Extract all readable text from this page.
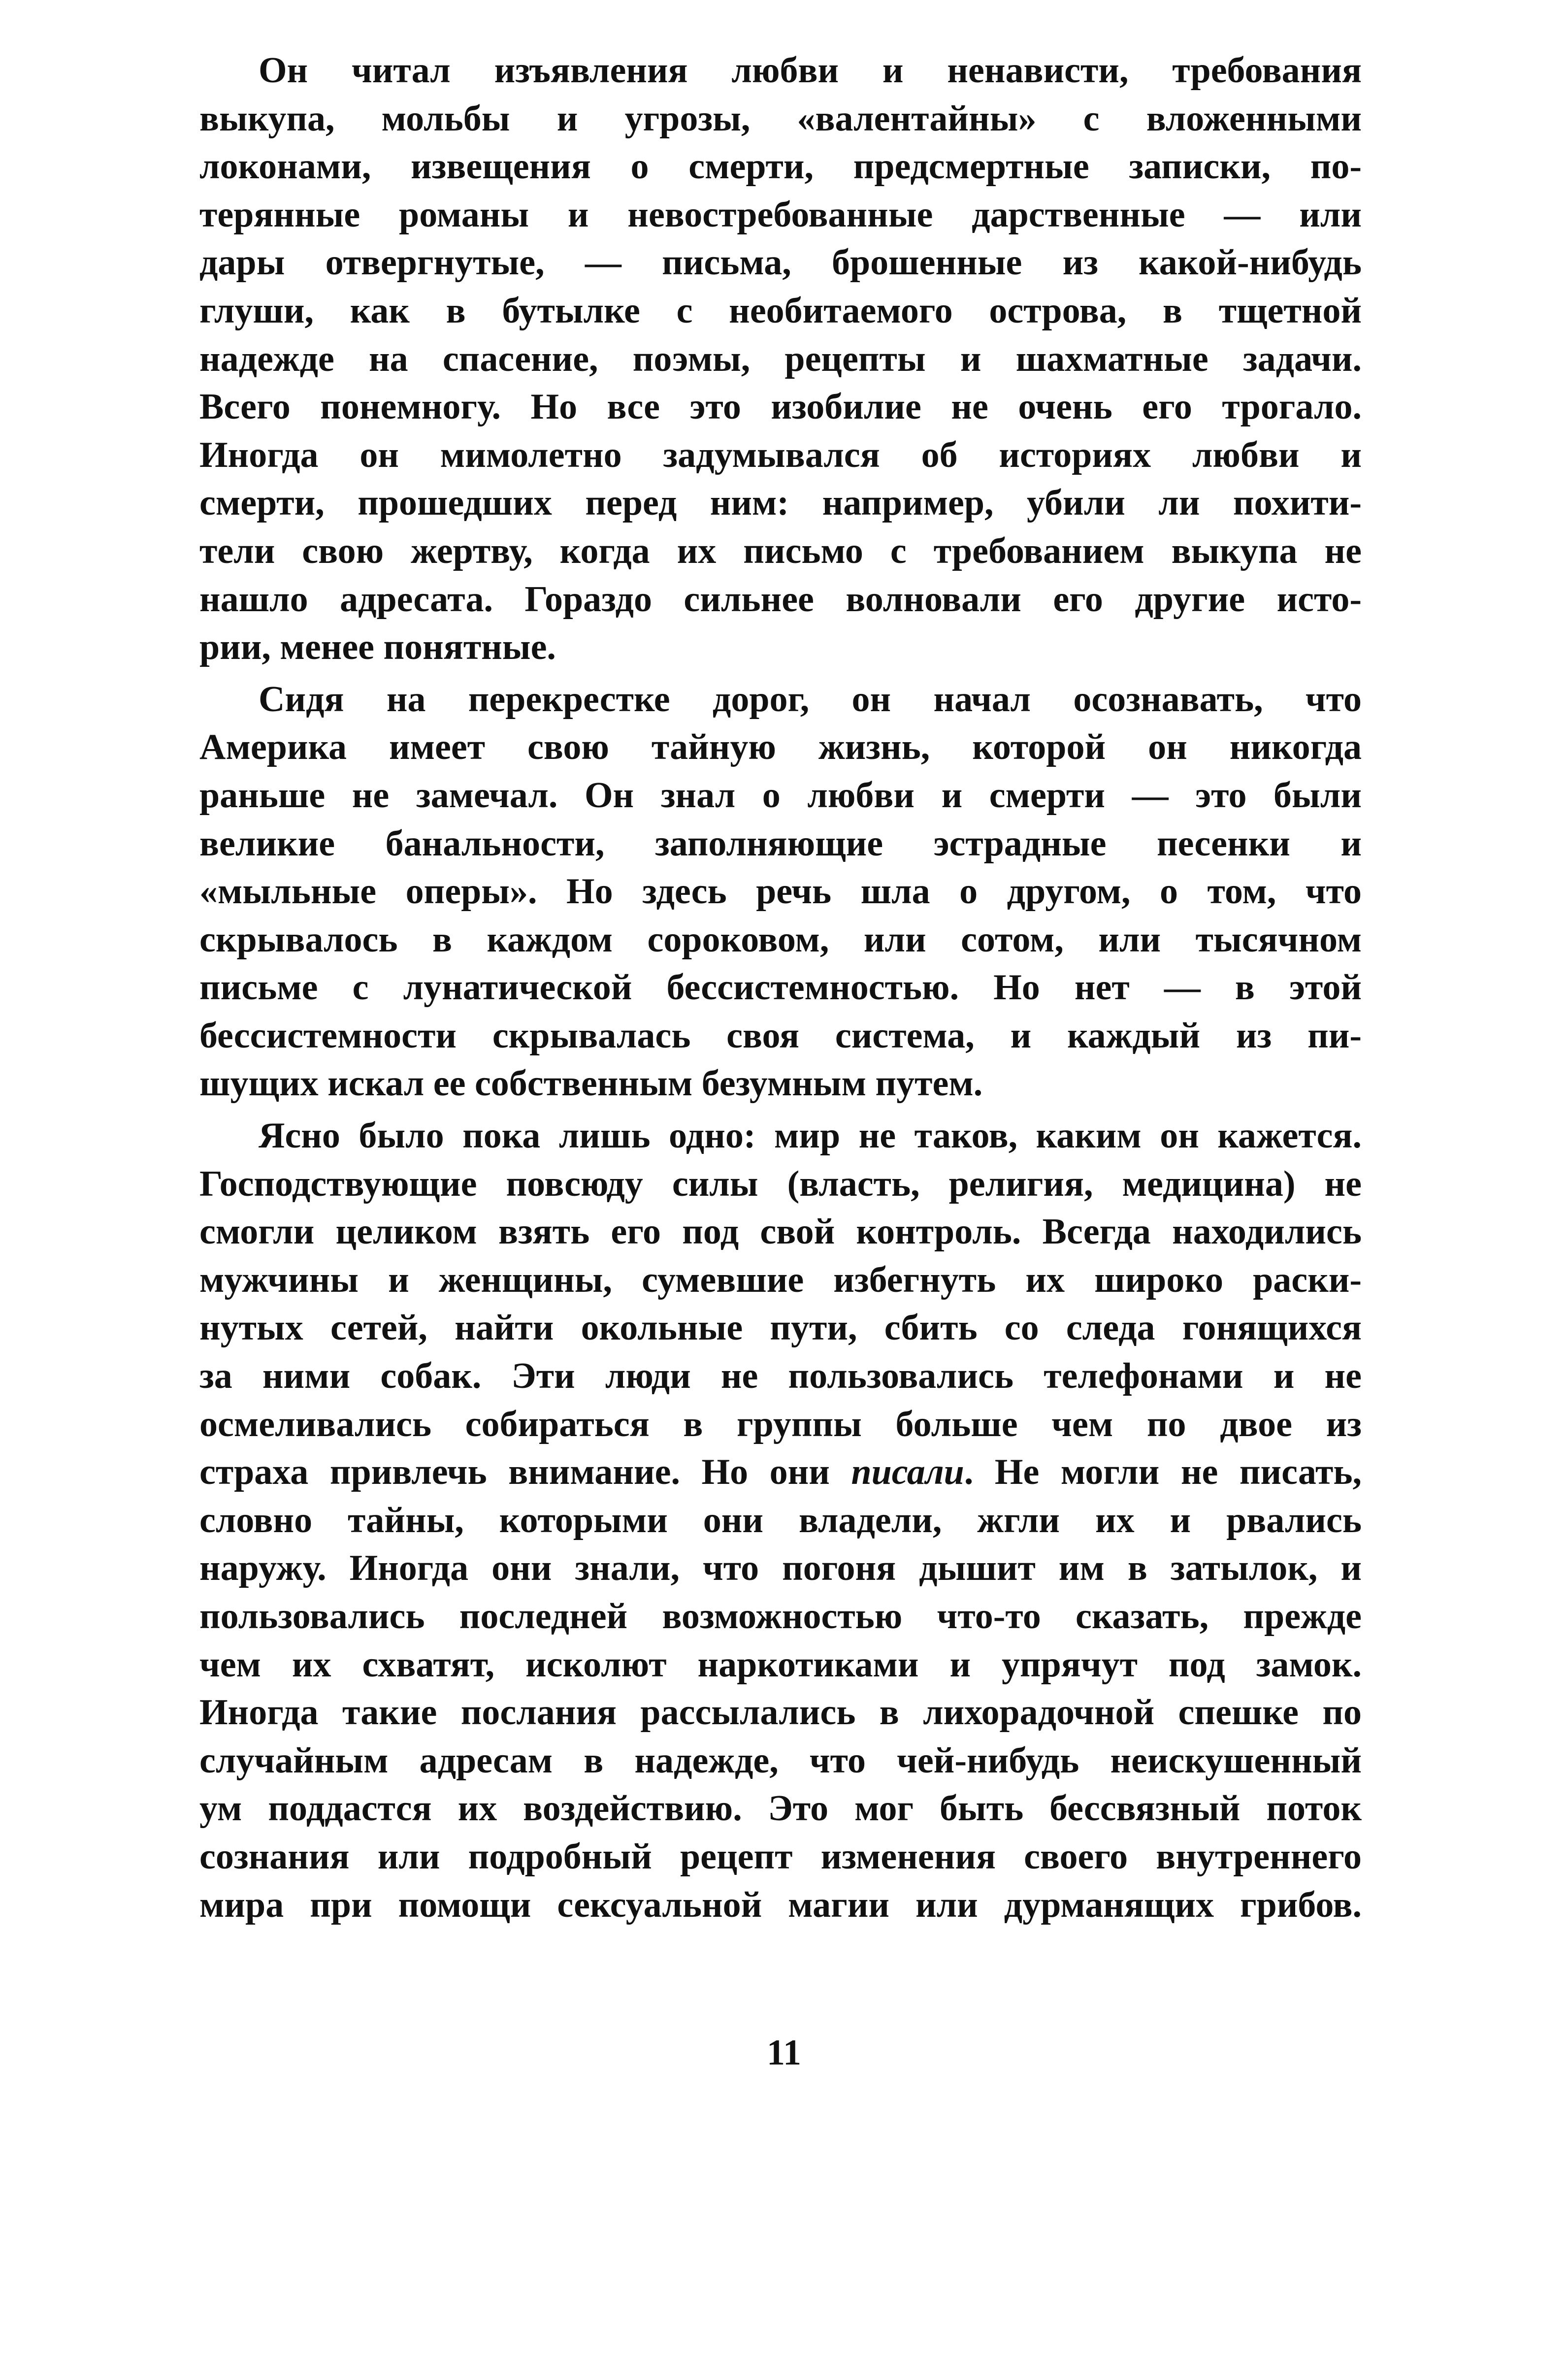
Он читал изъявления любви и ненависти, требования
выкупа, мольбы и угрозы, «валентайны» с вложенными
локонами, извещения о смерти, предсмертные записки, по-
терянные романы и невостребованные дарственные — или
дары отвергнутые, — письма, брошенные из какой-нибудь
глуши, как в бутылке с необитаемого острова, в тщетной
надежде на спасение, поэмы, рецепты и шахматные задачи.
Всего понемногу. Но все это изобилие не очень его трогало.
Иногда он мимолетно задумывался об историях любви и
смерти, прошедших перед ним: например, убили ли похити-
тели свою жертву, когда их письмо с требованием выкупа не
нашло адресата. Гораздо сильнее волновали его другие исто-
рии, менее понятные.
Сидя на перекрестке дорог, он начал осознавать, что
Америка имеет свою тайную жизнь, которой он никогда
раньше не замечал. Он знал о любви и смерти — это были
великие банальности, заполняющие эстрадные песенки и
«мыльные оперы». Но здесь речь шла о другом, о том, что
скрывалось в каждом сороковом, или сотом, или тысячном
письме с лунатической бессистемностью. Но нет — в этой
бессистемности скрывалась своя система, и каждый из пи-
шущих искал ее собственным безумным путем.
Ясно было пока лишь одно: мир не таков, каким он кажется.
Господствующие повсюду силы (власть, религия, медицина) не
смогли целиком взять его под свой контроль. Всегда находились
мужчины и женщины, сумевшие избегнуть их широко раски-
нутых сетей, найти окольные пути, сбить со следа гонящихся
за ними собак. Эти люди не пользовались телефонами и не
осмеливались собираться в группы больше чем по двое из
страха привлечь внимание. Но они писали. Не могли не писать,
словно тайны, которыми они владели, жгли их и рвались
наружу. Иногда они знали, что погоня дышит им в затылок, и
пользовались последней возможностью что-то сказать, прежде
чем их схватят, исколют наркотиками и упрячут под замок.
Иногда такие послания рассылались в лихорадочной спешке по
случайным адресам в надежде, что чей-нибудь неискушенный
ум поддастся их воздействию. Это мог быть бессвязный поток
сознания или подробный рецепт изменения своего внутреннего
мира при помощи сексуальной магии или дурманящих грибов.
11
